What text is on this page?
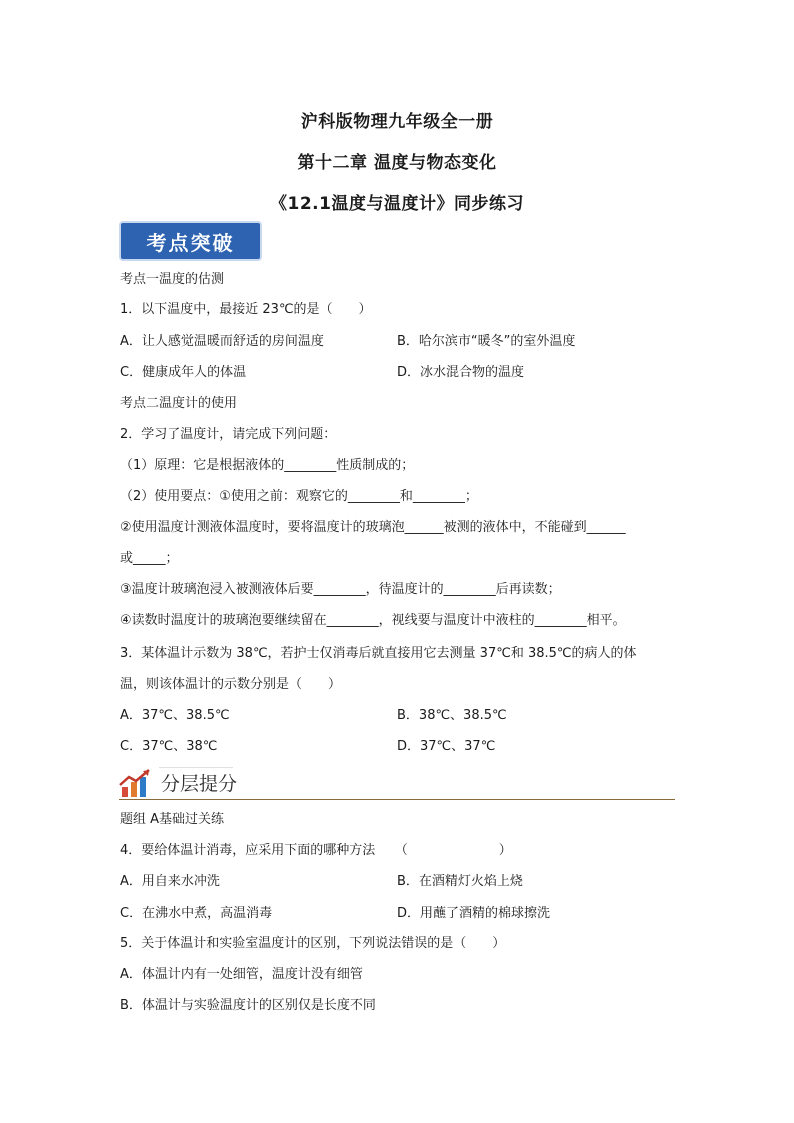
沪科版物理九年级全一册
第十二章 温度与物态变化
《12.1温度与温度计》同步练习
考点突破
考点一温度的估测
1．以下温度中，最接近 23℃的是（　　）
A．让人感觉温暖而舒适的房间温度	B．哈尔滨市“暖冬”的室外温度
C．健康成年人的体温	D．冰水混合物的温度
考点二温度计的使用
2．学习了温度计，请完成下列问题：
（1）原理：它是根据液体的________性质制成的；
（2）使用要点：①使用之前：观察它的________和________；
②使用温度计测液体温度时，要将温度计的玻璃泡______被测的液体中，不能碰到______
或_____；
③温度计玻璃泡浸入被测液体后要________，待温度计的________后再读数；
④读数时温度计的玻璃泡要继续留在________，视线要与温度计中液柱的________相平。
3．某体温计示数为 38℃，若护士仅消毒后就直接用它去测量 37℃和 38.5℃的病人的体
温，则该体温计的示数分别是（　　）
A．37℃、38.5℃	B．38℃、38.5℃
C．37℃、38℃	D．37℃、37℃
分层提分
题组 A基础过关练
4．要给体温计消毒，应采用下面的哪种方法　　（　　　　　　　）
A．用自来水冲洗	B．在酒精灯火焰上烧
C．在沸水中煮，高温消毒	D．用蘸了酒精的棉球擦洗
5．关于体温计和实验室温度计的区别，下列说法错误的是（　　）
A．体温计内有一处细管，温度计没有细管
B．体温计与实验温度计的区别仅是长度不同
